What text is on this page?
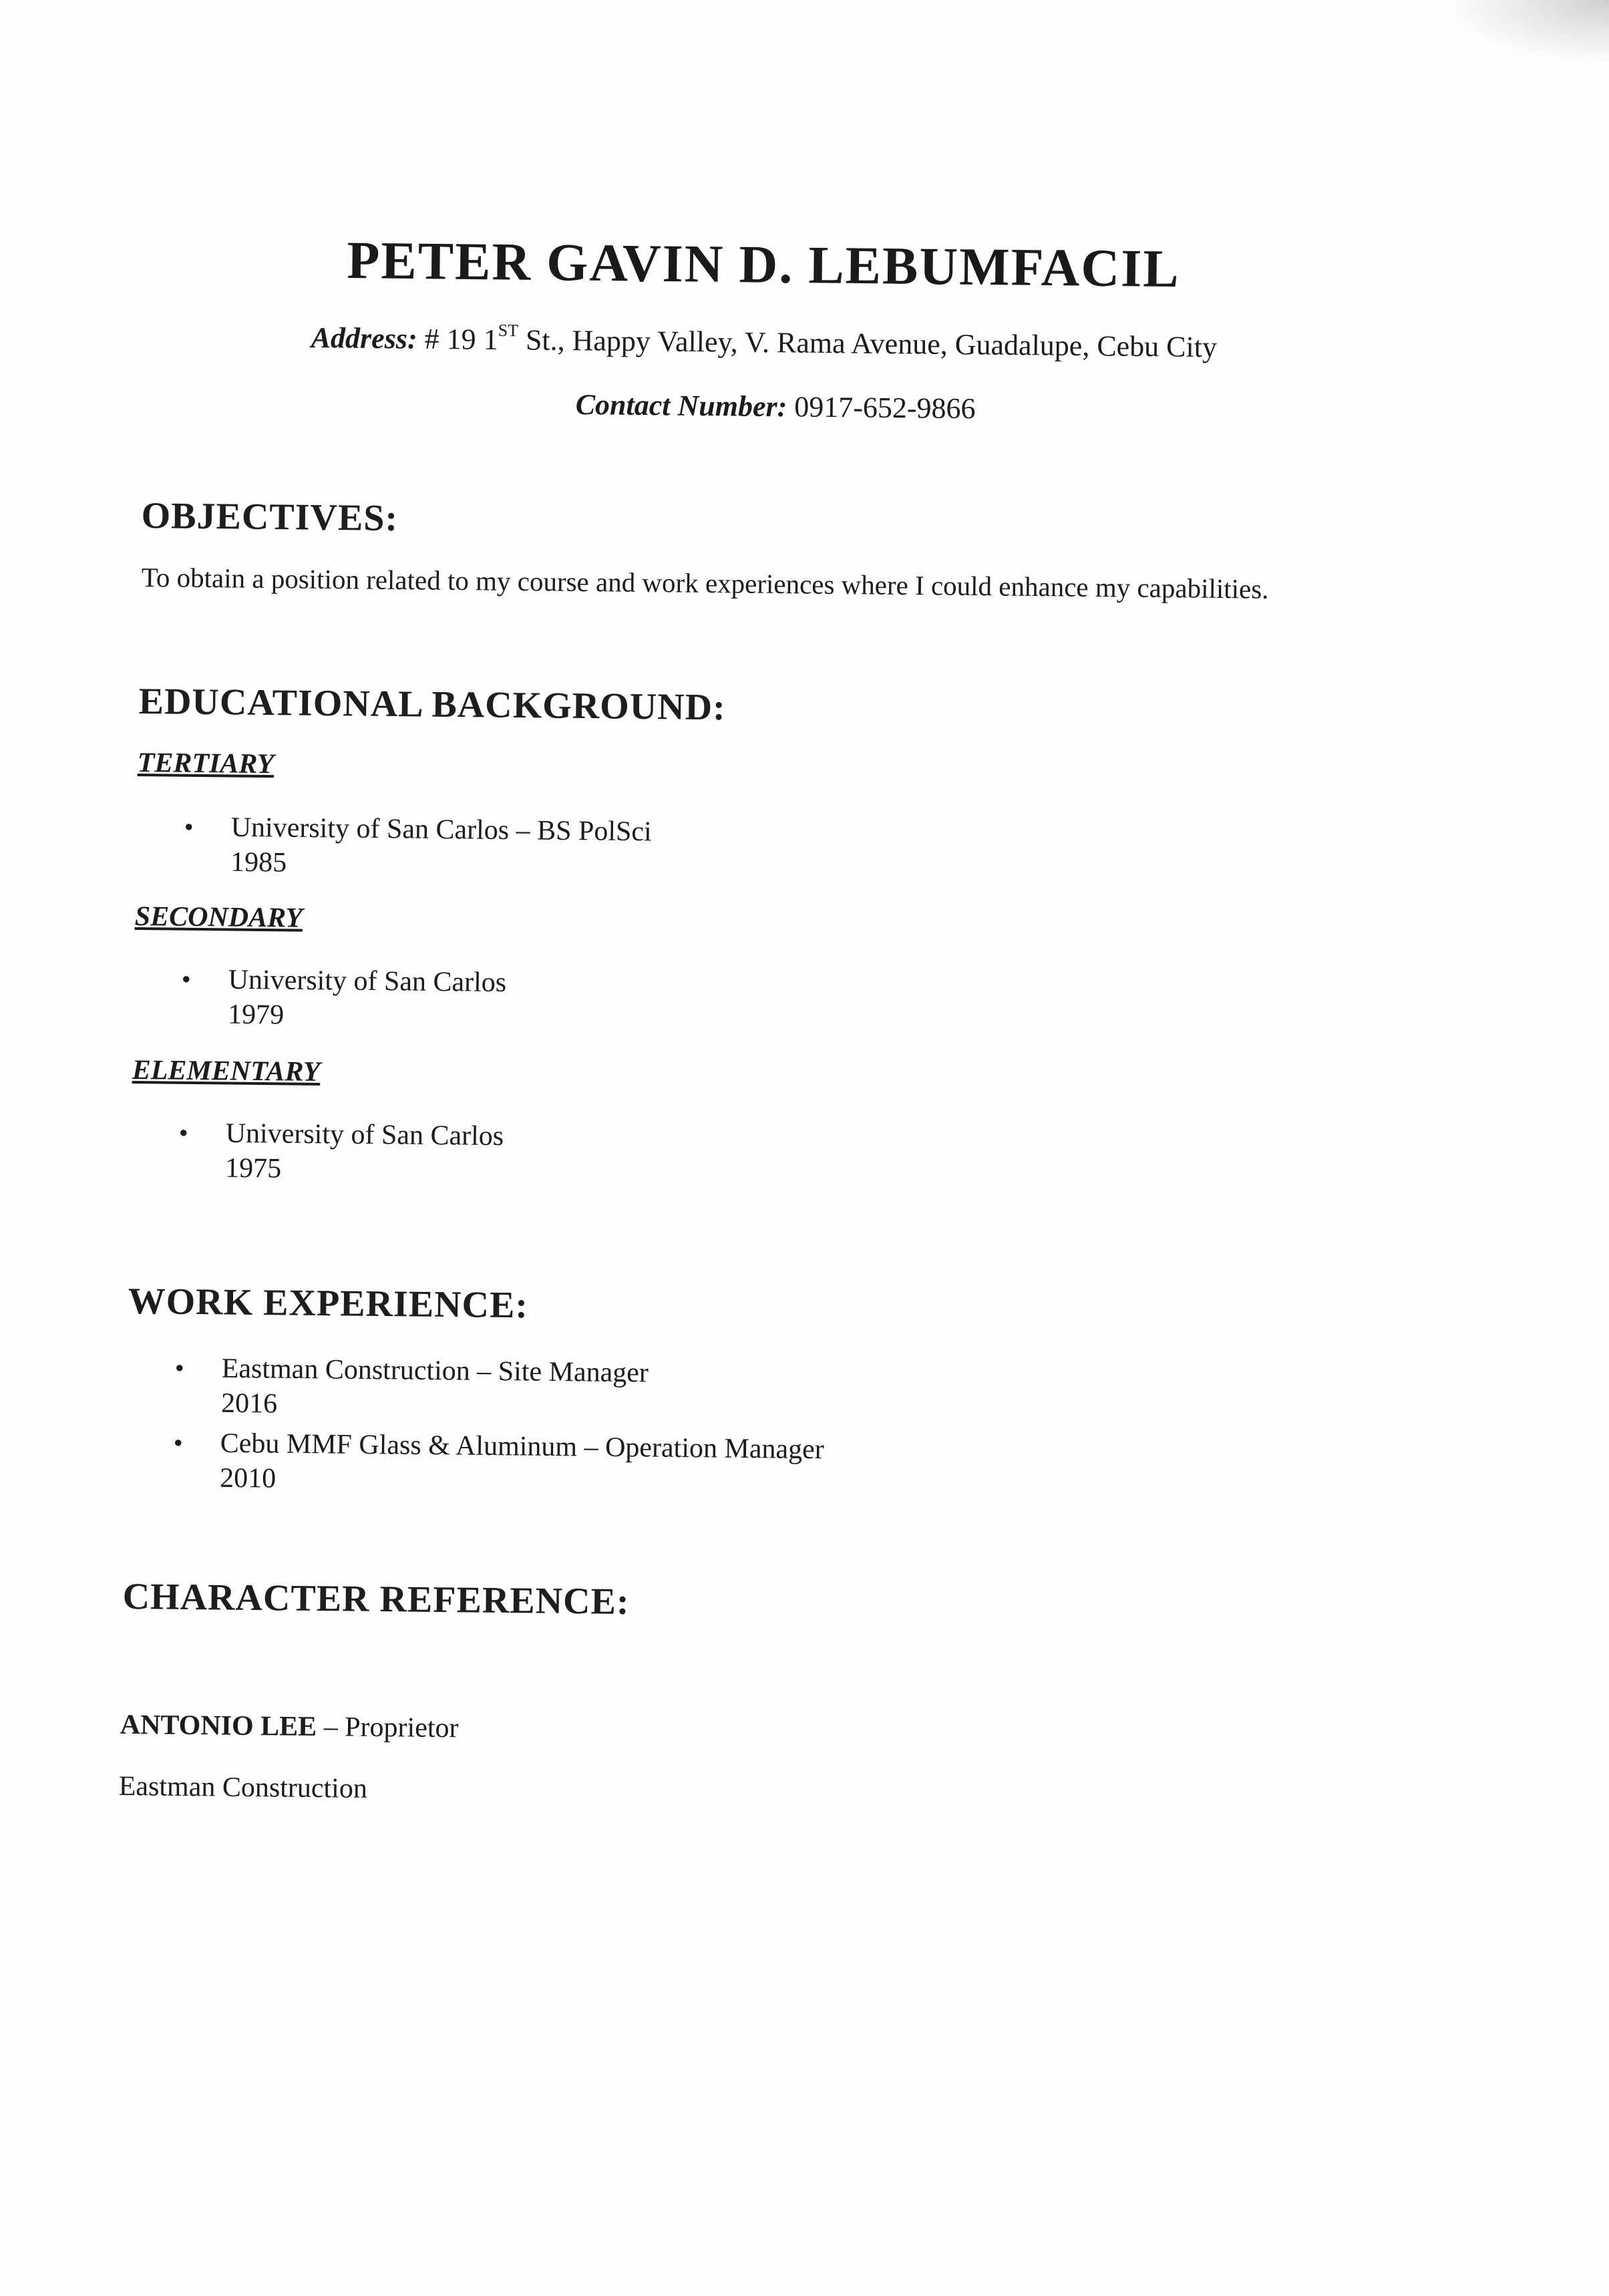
PETER GAVIN D. LEBUMFACIL
Address: # 19 1ST St., Happy Valley, V. Rama Avenue, Guadalupe, Cebu City
Contact Number: 0917-652-9866
OBJECTIVES:
To obtain a position related to my course and work experiences where I could enhance my capabilities.
EDUCATIONAL BACKGROUND:
TERTIARY
• University of San Carlos – BS PolSci
1985
SECONDARY
• University of San Carlos
1979
ELEMENTARY
• University of San Carlos
1975
WORK EXPERIENCE:
• Eastman Construction – Site Manager
2016
• Cebu MMF Glass & Aluminum – Operation Manager
2010
CHARACTER REFERENCE:
ANTONIO LEE – Proprietor
Eastman Construction
